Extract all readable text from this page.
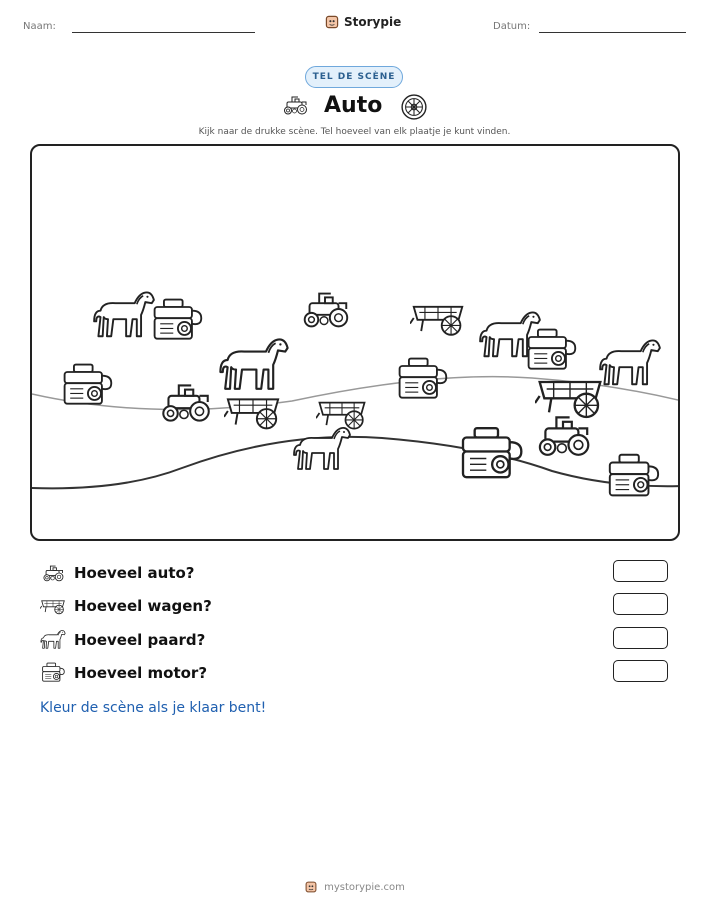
Naam:	Storypie	Datum:
TEL DE SCÈNE
Auto
Kijk naar de drukke scène. Tel hoeveel van elk plaatje je kunt vinden.
Hoeveel auto?
Hoeveel wagen?
Hoeveel paard?
Hoeveel motor?
Kleur de scène als je klaar bent!
mystorypie.com
